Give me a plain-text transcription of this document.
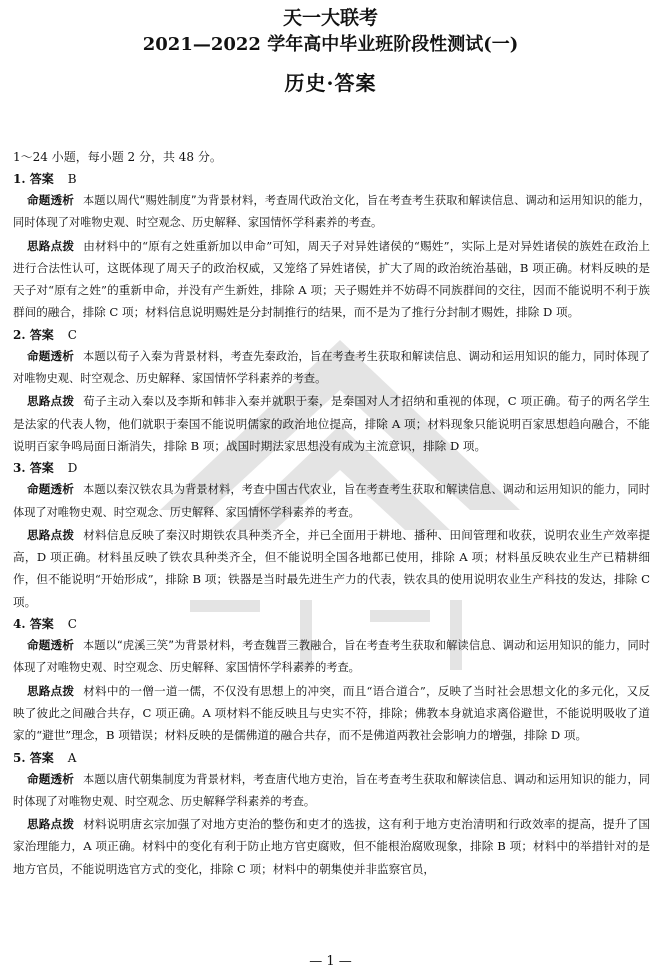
天一大联考
2021—2022 学年高中毕业班阶段性测试(一)
历史·答案
1～24 小题，每小题 2 分，共 48 分。
1. 答案 B
命题透析 本题以周代“赐姓制度”为背景材料，考查周代政治文化，旨在考查考生获取和解读信息、调动和运用知识的能力，同时体现了对唯物史观、时空观念、历史解释、家国情怀学科素养的考查。
思路点拨 由材料中的“原有之姓重新加以申命”可知，周天子对异姓诸侯的“赐姓”，实际上是对异姓诸侯的族姓在政治上进行合法性认可，这既体现了周天子的政治权威，又笼络了异姓诸侯，扩大了周的政治统治基础，B 项正确。材料反映的是天子对“原有之姓”的重新申命，并没有产生新姓，排除 A 项；天子赐姓并不妨碍不同族群间的交往，因而不能说明不利于族群间的融合，排除 C 项；材料信息说明赐姓是分封制推行的结果，而不是为了推行分封制才赐姓，排除 D 项。
2. 答案 C
命题透析 本题以荀子入秦为背景材料，考查先秦政治，旨在考查考生获取和解读信息、调动和运用知识的能力，同时体现了对唯物史观、时空观念、历史解释、家国情怀学科素养的考查。
思路点拨 荀子主动入秦以及李斯和韩非入秦并就职于秦，是秦国对人才招纳和重视的体现，C 项正确。荀子的两名学生是法家的代表人物，他们就职于秦国不能说明儒家的政治地位提高，排除 A 项；材料现象只能说明百家思想趋向融合，不能说明百家争鸣局面日渐消失，排除 B 项；战国时期法家思想没有成为主流意识，排除 D 项。
3. 答案 D
命题透析 本题以秦汉铁农具为背景材料，考查中国古代农业，旨在考查考生获取和解读信息、调动和运用知识的能力，同时体现了对唯物史观、时空观念、历史解释、家国情怀学科素养的考查。
思路点拨 材料信息反映了秦汉时期铁农具种类齐全，并已全面用于耕地、播种、田间管理和收获，说明农业生产效率提高，D 项正确。材料虽反映了铁农具种类齐全，但不能说明全国各地都已使用，排除 A 项；材料虽反映农业生产已精耕细作，但不能说明“开始形成”，排除 B 项；铁器是当时最先进生产力的代表，铁农具的使用说明农业生产科技的发达，排除 C 项。
4. 答案 C
命题透析 本题以“虎溪三笑”为背景材料，考查魏晋三教融合，旨在考查考生获取和解读信息、调动和运用知识的能力，同时体现了对唯物史观、时空观念、历史解释、家国情怀学科素养的考查。
思路点拨 材料中的一僧一道一儒，不仅没有思想上的冲突，而且“语合道合”，反映了当时社会思想文化的多元化，又反映了彼此之间融合共存，C 项正确。A 项材料不能反映且与史实不符，排除；佛教本身就追求离俗避世，不能说明吸收了道家的“避世”理念，B 项错误；材料反映的是儒佛道的融合共存，而不是佛道两教社会影响力的增强，排除 D 项。
5. 答案 A
命题透析 本题以唐代朝集制度为背景材料，考查唐代地方吏治，旨在考查考生获取和解读信息、调动和运用知识的能力，同时体现了对唯物史观、时空观念、历史解释学科素养的考查。
思路点拨 材料说明唐玄宗加强了对地方吏治的整伤和吏才的选拔，这有利于地方吏治清明和行政效率的提高，提升了国家治理能力，A 项正确。材料中的变化有利于防止地方官吏腐败，但不能根治腐败现象，排除 B 项；材料中的举措针对的是地方官员，不能说明选官方式的变化，排除 C 项；材料中的朝集使并非监察官员，
— 1 —
